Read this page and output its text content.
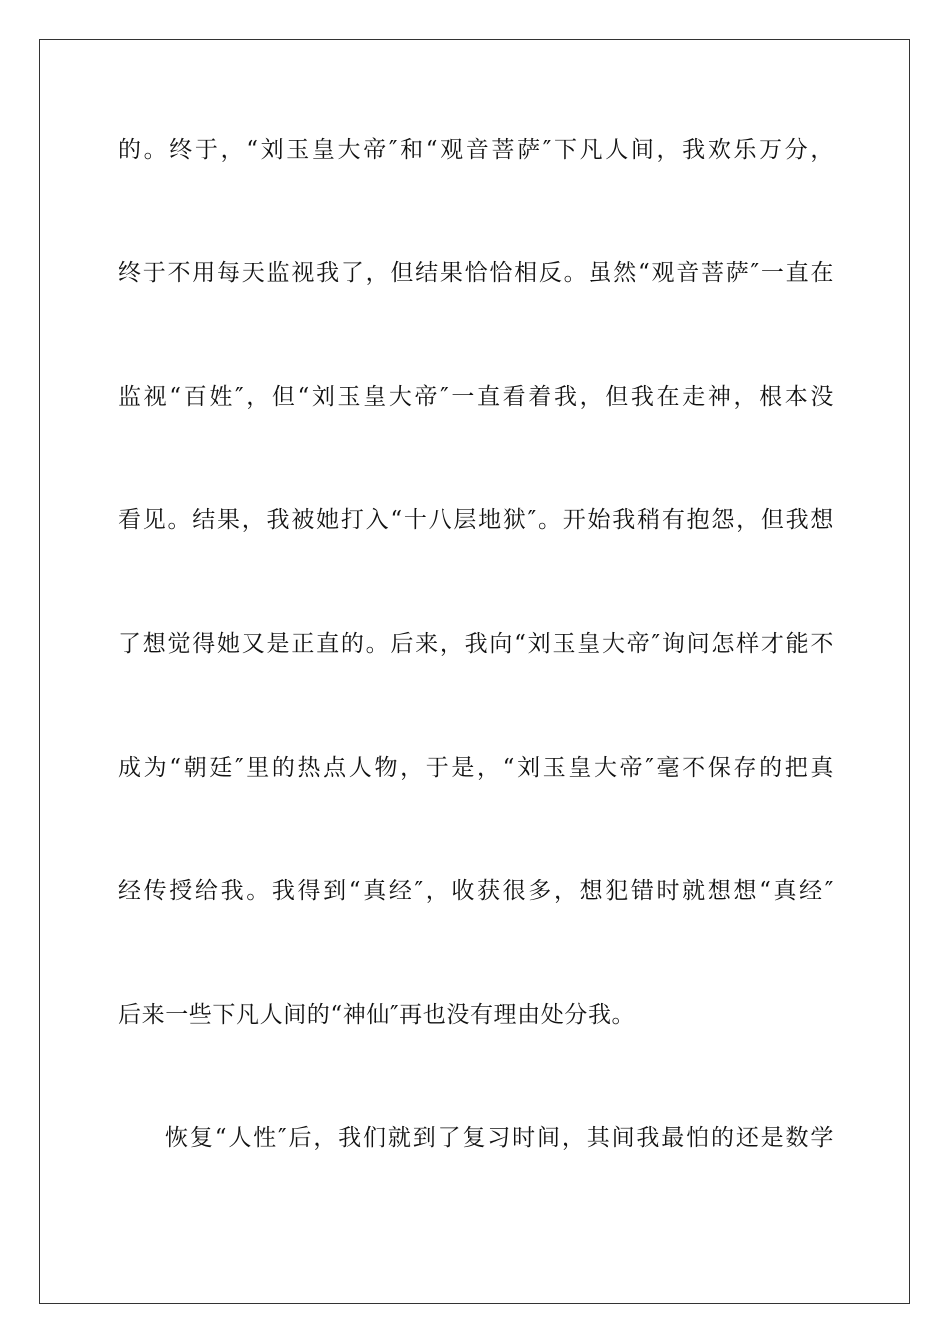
的。终于，“刘玉皇大帝″和“观音菩萨″下凡人间，我欢乐万分，
终于不用每天监视我了，但结果恰恰相反。虽然“观音菩萨″一直在
监视“百姓″，但“刘玉皇大帝″一直看着我，但我在走神，根本没
看见。结果，我被她打入“十八层地狱″。开始我稍有抱怨，但我想
了想觉得她又是正直的。后来，我向“刘玉皇大帝″询问怎样才能不
成为“朝廷″里的热点人物，于是，“刘玉皇大帝″毫不保存的把真
经传授给我。我得到“真经″，收获很多，想犯错时就想想“真经″
后来一些下凡人间的“神仙″再也没有理由处分我。
恢复“人性″后，我们就到了复习时间，其间我最怕的还是数学
